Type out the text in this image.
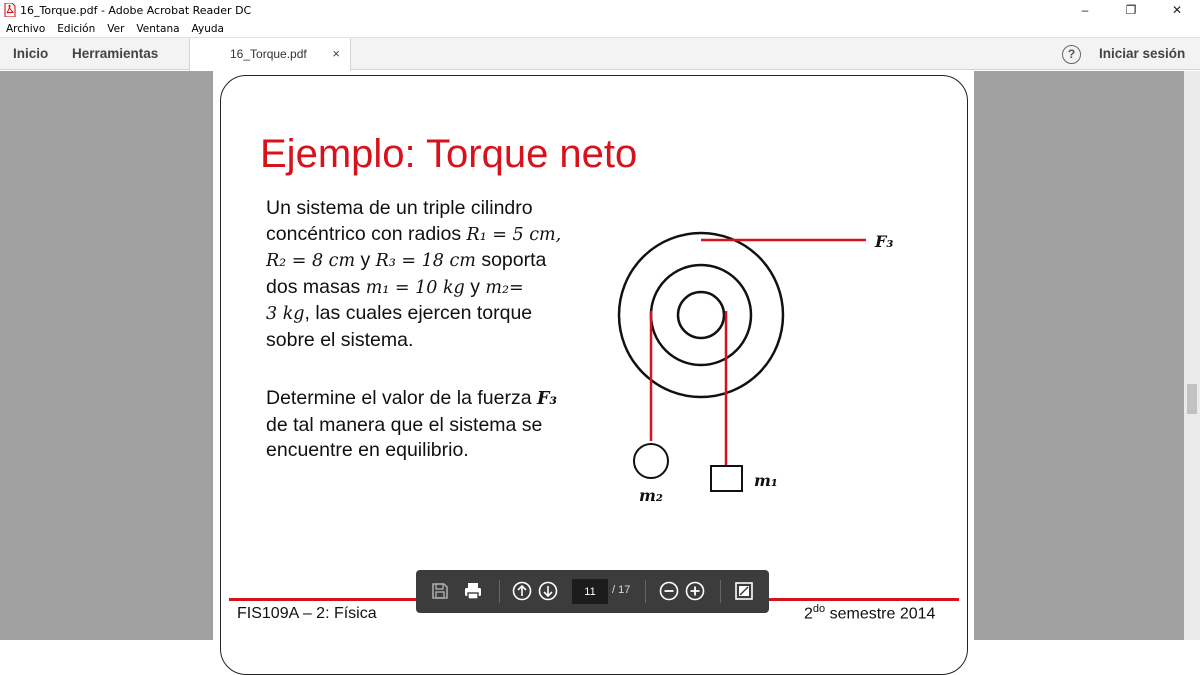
16_Torque.pdf - Adobe Acrobat Reader DC	–	❐	✕
Archivo Edición Ver Ventana Ayuda
Inicio Herramientas	16_Torque.pdf ×	?	Iniciar sesión
Ejemplo: Torque neto
Un sistema de un triple cilindro
concéntrico con radios R₁ = 5 cm,
R₂ = 8 cm y R₃ = 18 cm soporta
dos masas m₁ = 10 kg y m₂=
3 kg, las cuales ejercen torque
sobre el sistema.
Determine el valor de la fuerza F₃
de tal manera que el sistema se
encuentre en equilibrio.
F₃
m₁
m₂
FIS109A – 2: Física	$2^{do}$ semestre 2014
11
/ 17
